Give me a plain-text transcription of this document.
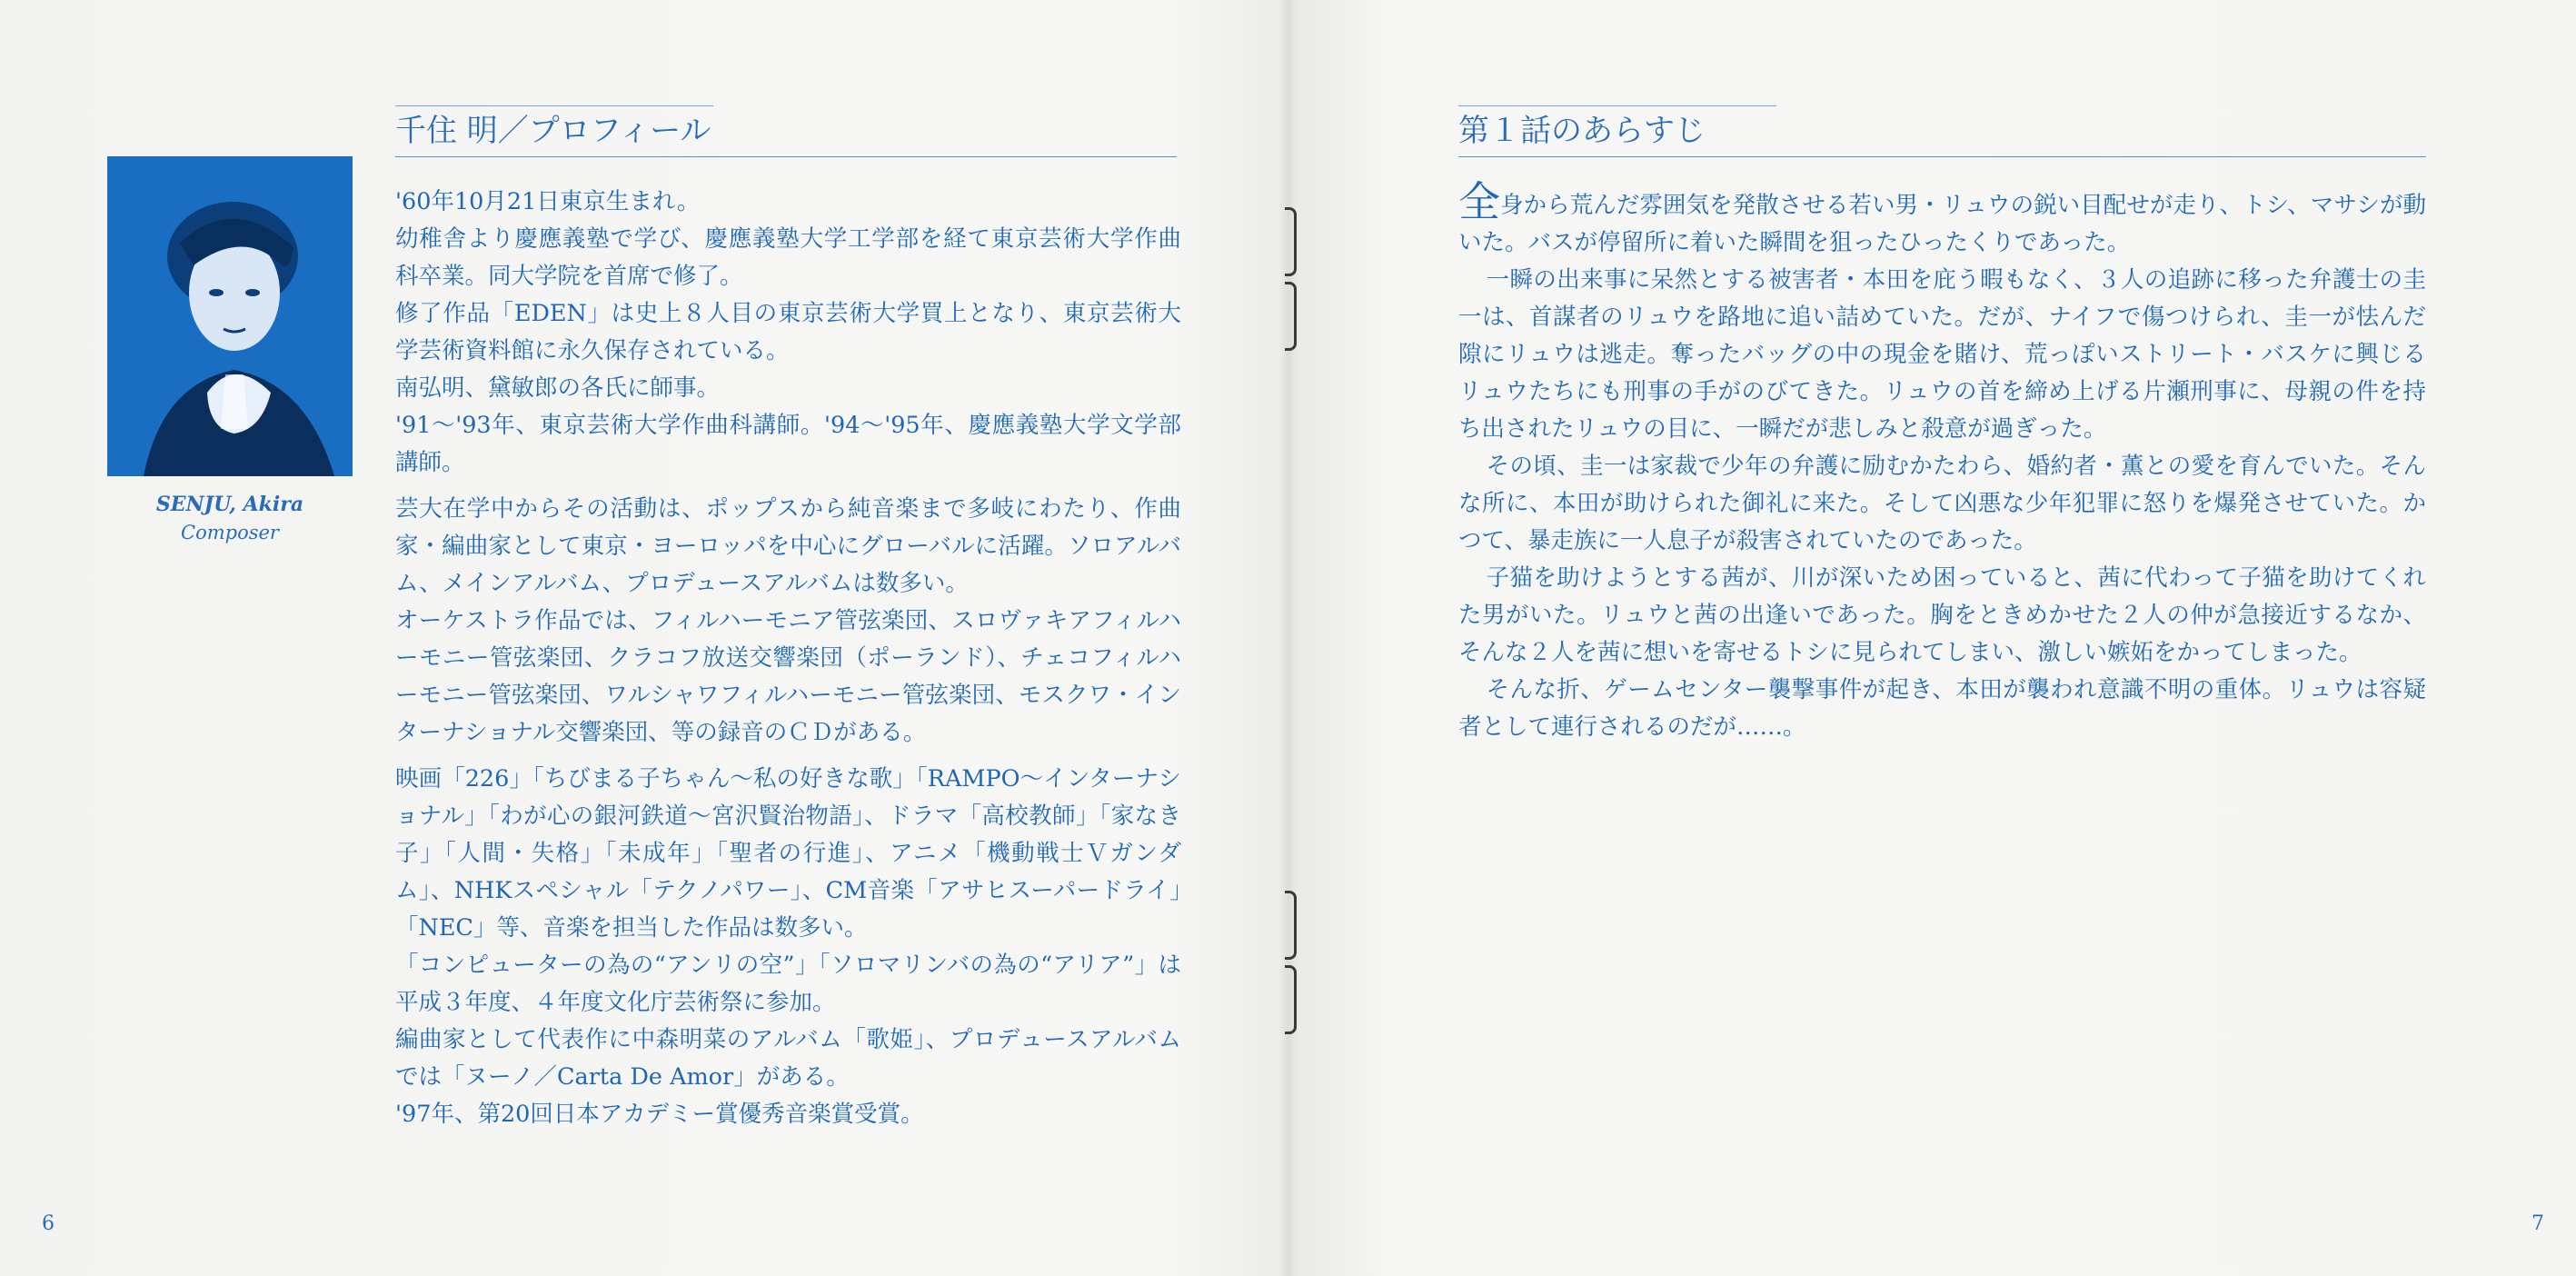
千住 明／プロフィール
SENJU, Akira
Composer

'60年10月21日東京生まれ。

幼稚舎より慶應義塾で学び、慶應義塾大学工学部を経て東京芸術大学作曲科卒業。同大学院を首席で修了。

修了作品「EDEN」は史上８人目の東京芸術大学買上となり、東京芸術大学芸術資料館に永久保存されている。

南弘明、黛敏郎の各氏に師事。

'91～'93年、東京芸術大学作曲科講師。'94～'95年、慶應義塾大学文学部講師。

芸大在学中からその活動は、ポップスから純音楽まで多岐にわたり、作曲家・編曲家として東京・ヨーロッパを中心にグローバルに活躍。ソロアルバム、メインアルバム、プロデュースアルバムは数多い。

オーケストラ作品では、フィルハーモニア管弦楽団、スロヴァキアフィルハーモニー管弦楽団、クラコフ放送交響楽団（ポーランド）、チェコフィルハーモニー管弦楽団、ワルシャワフィルハーモニー管弦楽団、モスクワ・インターナショナル交響楽団、等の録音のＣＤがある。

映画「226」「ちびまる子ちゃん～私の好きな歌」「RAMPO～インターナショナル」「わが心の銀河鉄道～宮沢賢治物語」、ドラマ「高校教師」「家なき子」「人間・失格」「未成年」「聖者の行進」、アニメ「機動戦士Ｖガンダム」、NHKスペシャル「テクノパワー」、CM音楽「アサヒスーパードライ」「NEC」等、音楽を担当した作品は数多い。

「コンピューターの為の“アンリの空”」「ソロマリンバの為の“アリア”」は平成３年度、４年度文化庁芸術祭に参加。

編曲家として代表作に中森明菜のアルバム「歌姫」、プロデュースアルバムでは「ヌーノ／Carta De Amor」がある。

'97年、第20回日本アカデミー賞優秀音楽賞受賞。

6
第１話のあらすじ

全身から荒んだ雰囲気を発散させる若い男・リュウの鋭い目配せが走り、トシ、マサシが動いた。バスが停留所に着いた瞬間を狙ったひったくりであった。

一瞬の出来事に呆然とする被害者・本田を庇う暇もなく、３人の追跡に移った弁護士の圭一は、首謀者のリュウを路地に追い詰めていた。だが、ナイフで傷つけられ、圭一が怯んだ隙にリュウは逃走。奪ったバッグの中の現金を賭け、荒っぽいストリート・バスケに興じるリュウたちにも刑事の手がのびてきた。リュウの首を締め上げる片瀬刑事に、母親の件を持ち出されたリュウの目に、一瞬だが悲しみと殺意が過ぎった。

その頃、圭一は家裁で少年の弁護に励むかたわら、婚約者・薫との愛を育んでいた。そんな所に、本田が助けられた御礼に来た。そして凶悪な少年犯罪に怒りを爆発させていた。かつて、暴走族に一人息子が殺害されていたのであった。

子猫を助けようとする茜が、川が深いため困っていると、茜に代わって子猫を助けてくれた男がいた。リュウと茜の出逢いであった。胸をときめかせた２人の仲が急接近するなか、そんな２人を茜に想いを寄せるトシに見られてしまい、激しい嫉妬をかってしまった。

そんな折、ゲームセンター襲撃事件が起き、本田が襲われ意識不明の重体。リュウは容疑者として連行されるのだが……。

7
